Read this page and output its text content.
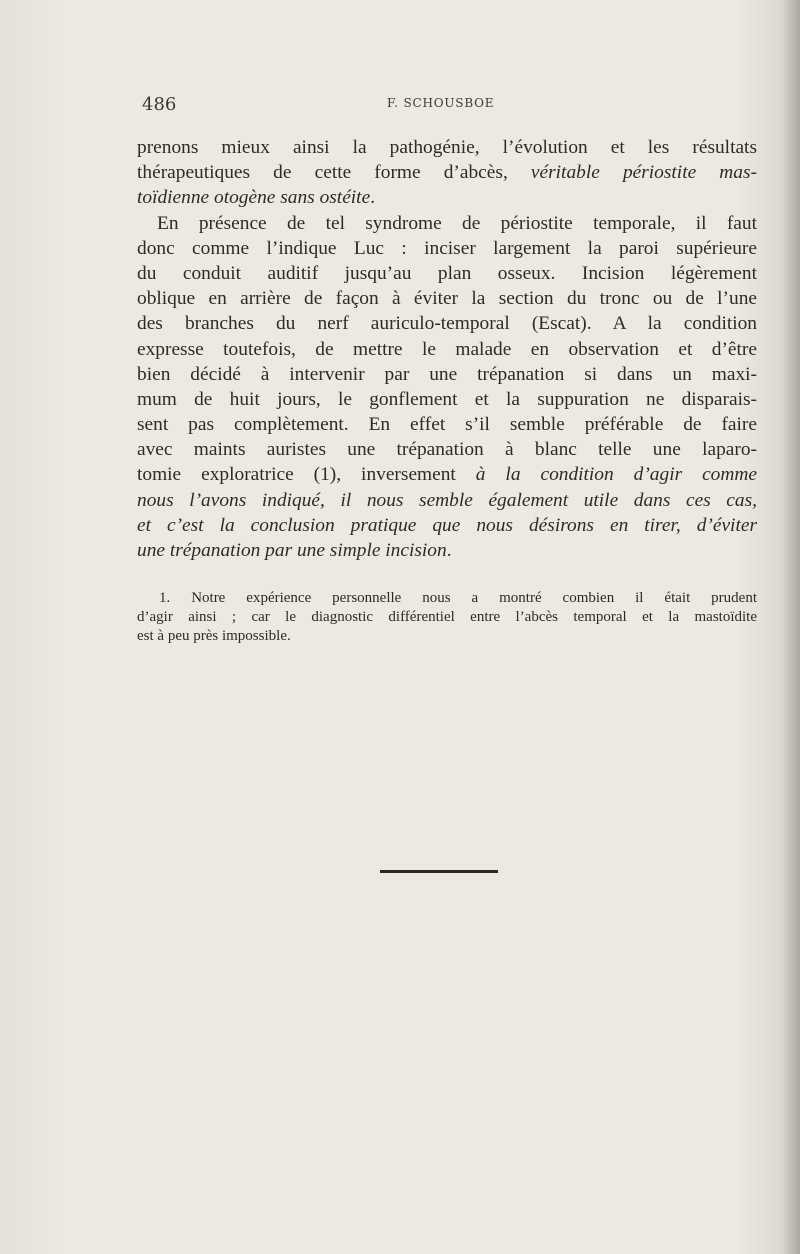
486	F. SCHOUSBOE
prenons mieux ainsi la pathogénie, l’évolution et les résultats
thérapeutiques de cette forme d’abcès, véritable périostite mas-
toïdienne otogène sans ostéite.
En présence de tel syndrome de périostite temporale, il faut
donc comme l’indique Luc : inciser largement la paroi supérieure
du conduit auditif jusqu’au plan osseux. Incision légèrement
oblique en arrière de façon à éviter la section du tronc ou de l’une
des branches du nerf auriculo-temporal (Escat). A la condition
expresse toutefois, de mettre le malade en observation et d’être
bien décidé à intervenir par une trépanation si dans un maxi-
mum de huit jours, le gonflement et la suppuration ne disparais-
sent pas complètement. En effet s’il semble préférable de faire
avec maints auristes une trépanation à blanc telle une laparo-
tomie exploratrice (1), inversement à la condition d’agir comme
nous l’avons indiqué, il nous semble également utile dans ces cas,
et c’est la conclusion pratique que nous désirons en tirer, d’éviter
une trépanation par une simple incision.
1. Notre expérience personnelle nous a montré combien il était prudent
d’agir ainsi ; car le diagnostic différentiel entre l’abcès temporal et la mastoïdite
est à peu près impossible.
